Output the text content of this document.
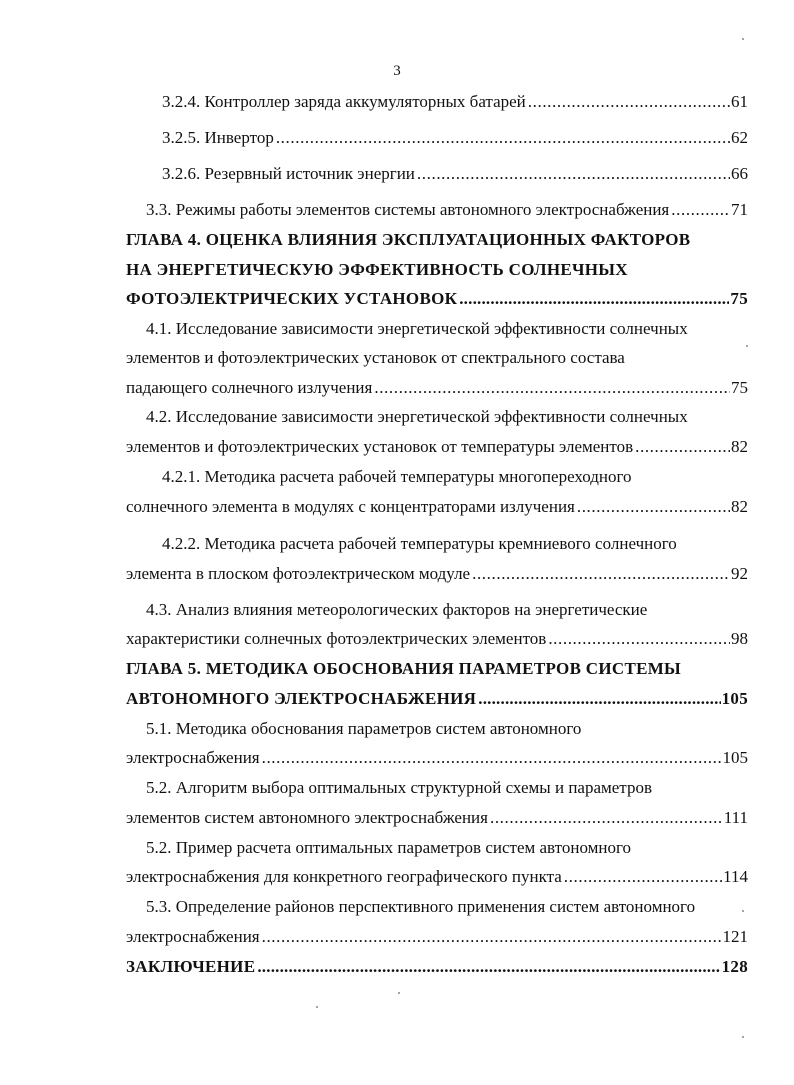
3
3.2.4. Контроллер заряда аккумуляторных батарей .....	61
3.2.5. Инвертор .....	62
3.2.6. Резервный источник энергии .....	66
3.3. Режимы работы элементов системы автономного электроснабжения .....	71
ГЛАВА 4. ОЦЕНКА ВЛИЯНИЯ ЭКСПЛУАТАЦИОННЫХ ФАКТОРОВ
НА ЭНЕРГЕТИЧЕСКУЮ ЭФФЕКТИВНОСТЬ СОЛНЕЧНЫХ
ФОТОЭЛЕКТРИЧЕСКИХ УСТАНОВОК .....	75
4.1. Исследование зависимости энергетической эффективности солнечных
элементов и фотоэлектрических установок от спектрального состава
падающего солнечного излучения .....	75
4.2. Исследование зависимости энергетической эффективности солнечных
элементов и фотоэлектрических установок от температуры элементов .....	82
4.2.1. Методика расчета рабочей температуры многопереходного
солнечного элемента в модулях с концентраторами излучения .....	82
4.2.2. Методика расчета рабочей температуры кремниевого солнечного
элемента в плоском фотоэлектрическом модуле .....	92
4.3. Анализ влияния метеорологических факторов на энергетические
характеристики солнечных фотоэлектрических элементов .....	98
ГЛАВА 5. МЕТОДИКА ОБОСНОВАНИЯ ПАРАМЕТРОВ СИСТЕМЫ
АВТОНОМНОГО ЭЛЕКТРОСНАБЖЕНИЯ .....	105
5.1. Методика обоснования параметров систем автономного
электроснабжения .....	105
5.2. Алгоритм выбора оптимальных структурной схемы и параметров
элементов систем автономного электроснабжения .....	111
5.2. Пример расчета оптимальных параметров систем автономного
электроснабжения для конкретного географического пункта .....	114
5.3. Определение районов перспективного применения систем автономного
электроснабжения .....	121
ЗАКЛЮЧЕНИЕ .....	128
